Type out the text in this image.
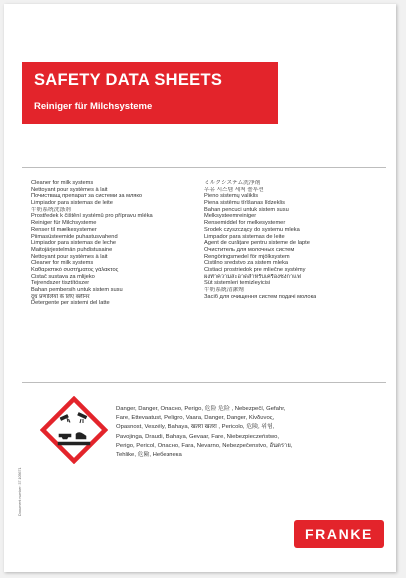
SAFETY DATA SHEETS
Reiniger für Milchsysteme
Cleaner for milk systems
Nettoyant pour systèmes à lait
Почистващ препарат за системи за мляко
Limpiador para sistemas de leite
牛奶系统洗涤剂
Prostředek k čištění systémů pro přípravu mléka
Reiniger für Milchsysteme
Renser til mælkesystemer
Piimasüsteemide puhastusvahend
Limpiador para sistemas de leche
Maitojärjestelmän puhdistusaine
Nettoyant pour systèmes à lait
Cleaner for milk systems
Καθαριστικό συστήματος γάλακτος
Čistač sustava za mlijeko
Tejrendszer tisztítószer
Bahan pembersih untuk sistem susu
दूध प्रणालियों के लिए क्लीनर
Detergente per sistemi del latte
ミルクシステム洗浄剤
우유 시스템 세척 솔루션
Pieno sistemų valiklis
Piena sistēmu tīrīšanas līdzeklis
Bahan pencuci untuk sistem susu
Melksysteemreiniger
Rensemiddel for melkesystemer
Środek czyszczący do systemu mleka
Limpador para sistemas de leite
Agent de curățare pentru sisteme de lapte
Очиститель для молочных систем
Rengöringsmedel för mjölksystem
Čistilno sredstvo za sistem mleka
Čistiaci prostriedok pre mliečne systémy
ผงทำความสะอาดสำหรับเครื่องชงกาแฟ
Süt sistemleri temizleyicisi
牛奶系統清潔劑
Засіб для очищення систем подачі молока
Danger, Danger, Опасно, Perigo, 危险 危险 , Nebezpečí, Gefahr, Fare, Ettevaatust, Peligro, Vaara, Danger, Danger, Κίνδυνος, Opasnost, Veszély, Bahaya, खतरा खतरा , Pericolo, 危険, 위험, Pavojinga, Draudi, Bahaya, Gevaar, Fare, Niebezpieczeństwo, Perigo, Pericol, Опасно, Fara, Nevarno, Nebezpečenstvo, อันตราย, Tehlike, 危險, Небезпека
Document number: 37.105671
FRANKE
